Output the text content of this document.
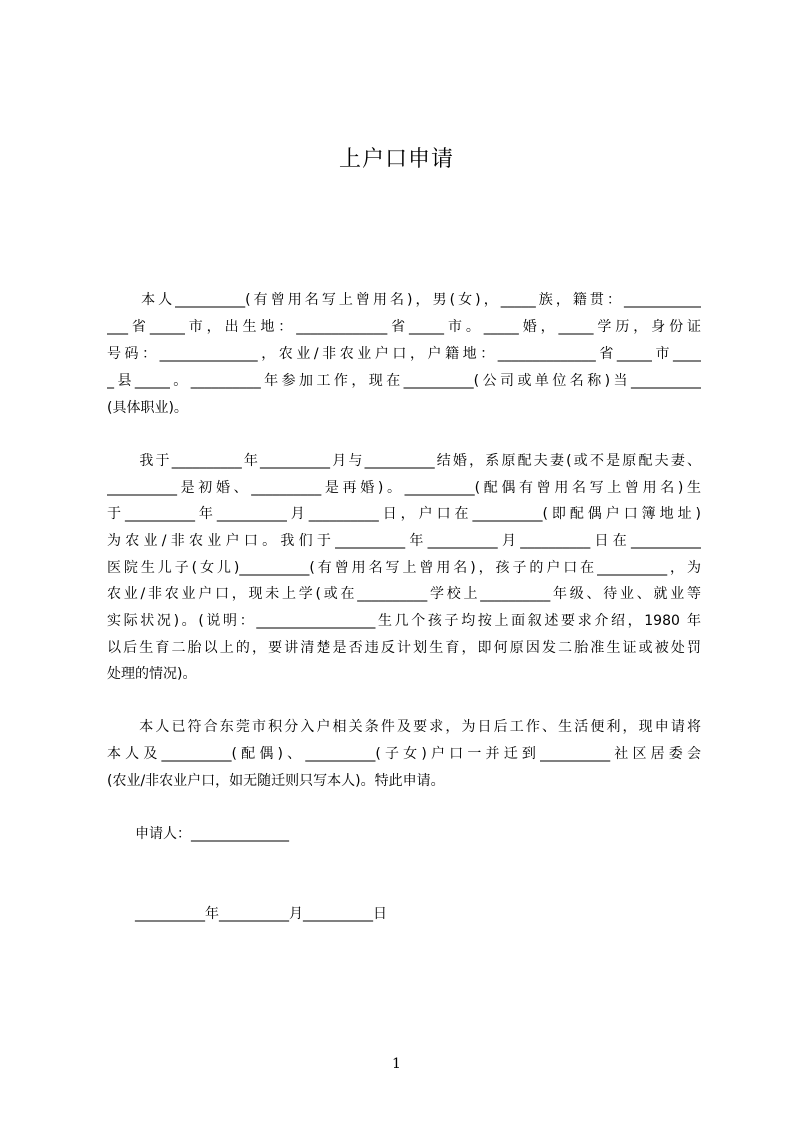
上户口申请
　　本人__________(有曾用名写上曾用名)，男(女)，_____族，籍贯：___________
___省_____市，出生地：_____________省_____市。_____婚，_____学历，身份证
号码：______________，农业/非农业户口，户籍地：______________省_____市____
_县_____。__________年参加工作，现在__________(公司或单位名称)当__________
(具体职业)。
　　我于__________年__________月与__________结婚，系原配夫妻(或不是原配夫妻、
__________是初婚、__________是再婚)。__________(配偶有曾用名写上曾用名)生
于__________年__________月__________日，户口在__________(即配偶户口簿地址)
为农业/非农业户口。我们于__________年__________月__________日在__________
医院生儿子(女儿)__________(有曾用名写上曾用名)，孩子的户口在__________，为
农业/非农业户口，现未上学(或在__________学校上__________年级、待业、就业等
实际状况)。(说明：_________________生几个孩子均按上面叙述要求介绍，1980 年
以后生育二胎以上的，要讲清楚是否违反计划生育，即何原因发二胎准生证或被处罚
处理的情况)。
　　本人已符合东莞市积分入户相关条件及要求，为日后工作、生活便利，现申请将
本人及__________(配偶)、__________(子女)户口一并迁到__________社区居委会
(农业/非农业户口，如无随迁则只写本人)。特此申请。
　　申请人：______________
　　__________年__________月__________日
1
